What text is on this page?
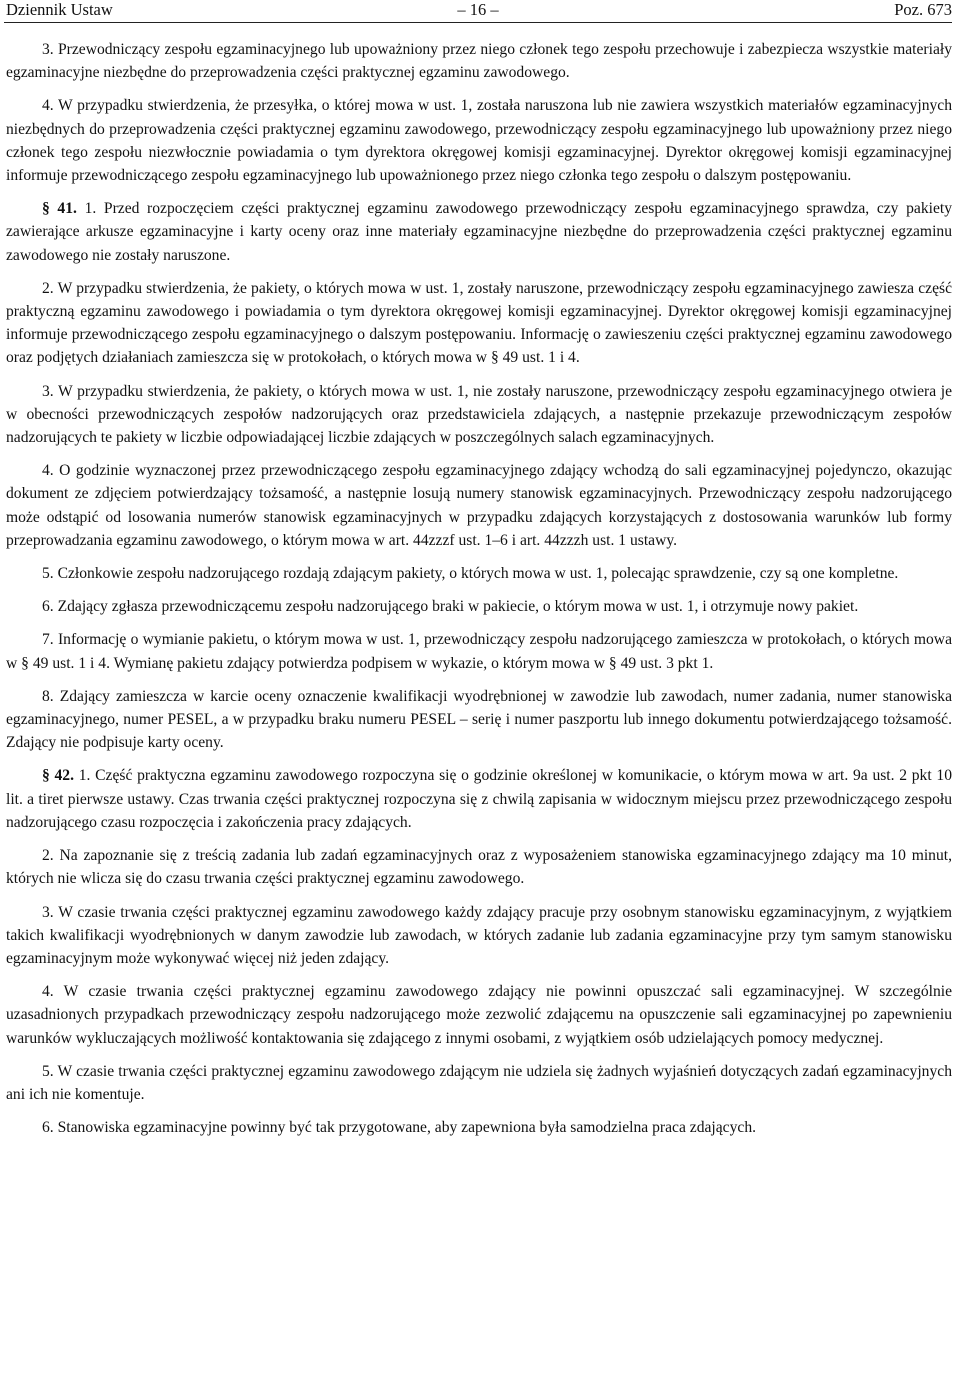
Dziennik Ustaw	– 16 –	Poz. 673

3. Przewodniczący zespołu egzaminacyjnego lub upoważniony przez niego członek tego zespołu przechowuje i zabezpiecza wszystkie materiały egzaminacyjne niezbędne do przeprowadzenia części praktycznej egzaminu zawodowego.

4. W przypadku stwierdzenia, że przesyłka, o której mowa w ust. 1, została naruszona lub nie zawiera wszystkich materiałów egzaminacyjnych niezbędnych do przeprowadzenia części praktycznej egzaminu zawodowego, przewodniczący zespołu egzaminacyjnego lub upoważniony przez niego członek tego zespołu niezwłocznie powiadamia o tym dyrektora okręgowej komisji egzaminacyjnej. Dyrektor okręgowej komisji egzaminacyjnej informuje przewodniczącego zespołu egzaminacyjnego lub upoważnionego przez niego członka tego zespołu o dalszym postępowaniu.

§ 41. 1. Przed rozpoczęciem części praktycznej egzaminu zawodowego przewodniczący zespołu egzaminacyjnego sprawdza, czy pakiety zawierające arkusze egzaminacyjne i karty oceny oraz inne materiały egzaminacyjne niezbędne do przeprowadzenia części praktycznej egzaminu zawodowego nie zostały naruszone.

2. W przypadku stwierdzenia, że pakiety, o których mowa w ust. 1, zostały naruszone, przewodniczący zespołu egzaminacyjnego zawiesza część praktyczną egzaminu zawodowego i powiadamia o tym dyrektora okręgowej komisji egzaminacyjnej. Dyrektor okręgowej komisji egzaminacyjnej informuje przewodniczącego zespołu egzaminacyjnego o dalszym postępowaniu. Informację o zawieszeniu części praktycznej egzaminu zawodowego oraz podjętych działaniach zamieszcza się w protokołach, o których mowa w § 49 ust. 1 i 4.

3. W przypadku stwierdzenia, że pakiety, o których mowa w ust. 1, nie zostały naruszone, przewodniczący zespołu egzaminacyjnego otwiera je w obecności przewodniczących zespołów nadzorujących oraz przedstawiciela zdających, a następnie przekazuje przewodniczącym zespołów nadzorujących te pakiety w liczbie odpowiadającej liczbie zdających w poszczególnych salach egzaminacyjnych.

4. O godzinie wyznaczonej przez przewodniczącego zespołu egzaminacyjnego zdający wchodzą do sali egzaminacyjnej pojedynczo, okazując dokument ze zdjęciem potwierdzający tożsamość, a następnie losują numery stanowisk egzaminacyjnych. Przewodniczący zespołu nadzorującego może odstąpić od losowania numerów stanowisk egzaminacyjnych w przypadku zdających korzystających z dostosowania warunków lub formy przeprowadzania egzaminu zawodowego, o którym mowa w art. 44zzzf ust. 1–6 i art. 44zzzh ust. 1 ustawy.

5. Członkowie zespołu nadzorującego rozdają zdającym pakiety, o których mowa w ust. 1, polecając sprawdzenie, czy są one kompletne.

6. Zdający zgłasza przewodniczącemu zespołu nadzorującego braki w pakiecie, o którym mowa w ust. 1, i otrzymuje nowy pakiet.

7. Informację o wymianie pakietu, o którym mowa w ust. 1, przewodniczący zespołu nadzorującego zamieszcza w protokołach, o których mowa w § 49 ust. 1 i 4. Wymianę pakietu zdający potwierdza podpisem w wykazie, o którym mowa w § 49 ust. 3 pkt 1.

8. Zdający zamieszcza w karcie oceny oznaczenie kwalifikacji wyodrębnionej w zawodzie lub zawodach, numer zadania, numer stanowiska egzaminacyjnego, numer PESEL, a w przypadku braku numeru PESEL – serię i numer paszportu lub innego dokumentu potwierdzającego tożsamość. Zdający nie podpisuje karty oceny.

§ 42. 1. Część praktyczna egzaminu zawodowego rozpoczyna się o godzinie określonej w komunikacie, o którym mowa w art. 9a ust. 2 pkt 10 lit. a tiret pierwsze ustawy. Czas trwania części praktycznej rozpoczyna się z chwilą zapisania w widocznym miejscu przez przewodniczącego zespołu nadzorującego czasu rozpoczęcia i zakończenia pracy zdających.

2. Na zapoznanie się z treścią zadania lub zadań egzaminacyjnych oraz z wyposażeniem stanowiska egzaminacyjnego zdający ma 10 minut, których nie wlicza się do czasu trwania części praktycznej egzaminu zawodowego.

3. W czasie trwania części praktycznej egzaminu zawodowego każdy zdający pracuje przy osobnym stanowisku egzaminacyjnym, z wyjątkiem takich kwalifikacji wyodrębnionych w danym zawodzie lub zawodach, w których zadanie lub zadania egzaminacyjne przy tym samym stanowisku egzaminacyjnym może wykonywać więcej niż jeden zdający.

4. W czasie trwania części praktycznej egzaminu zawodowego zdający nie powinni opuszczać sali egzaminacyjnej. W szczególnie uzasadnionych przypadkach przewodniczący zespołu nadzorującego może zezwolić zdającemu na opuszczenie sali egzaminacyjnej po zapewnieniu warunków wykluczających możliwość kontaktowania się zdającego z innymi osobami, z wyjątkiem osób udzielających pomocy medycznej.

5. W czasie trwania części praktycznej egzaminu zawodowego zdającym nie udziela się żadnych wyjaśnień dotyczących zadań egzaminacyjnych ani ich nie komentuje.

6. Stanowiska egzaminacyjne powinny być tak przygotowane, aby zapewniona była samodzielna praca zdających.
